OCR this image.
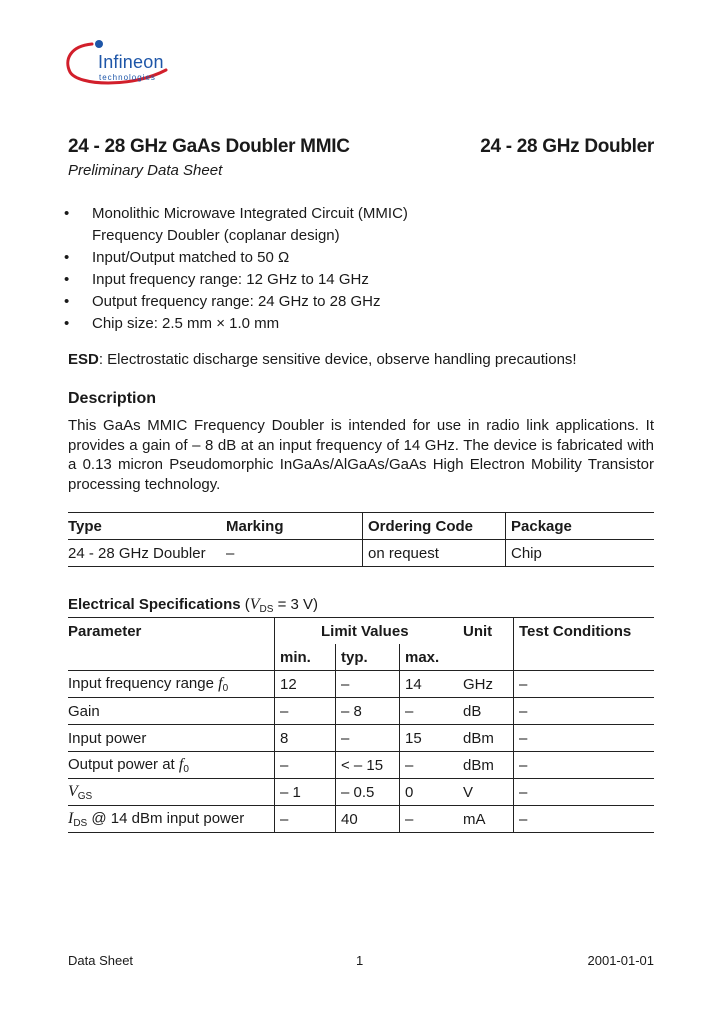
Infineon
technologies
24 - 28 GHz GaAs Doubler MMIC	24 - 28 GHz Doubler
Preliminary Data Sheet
• Monolithic Microwave Integrated Circuit (MMIC)
Frequency Doubler (coplanar design)
• Input/Output matched to 50 Ω
• Input frequency range: 12 GHz to 14 GHz
• Output frequency range: 24 GHz to 28 GHz
• Chip size: 2.5 mm × 1.0 mm
ESD: Electrostatic discharge sensitive device, observe handling precautions!
Description
This GaAs MMIC Frequency Doubler is intended for use in radio link applications. It provides a gain of – 8 dB at an input frequency of 14 GHz. The device is fabricated with a 0.13 micron Pseudomorphic InGaAs/AlGaAs/GaAs High Electron Mobility Transistor processing technology.
Type	Marking	Ordering Code	Package
24 - 28 GHz Doubler	–	on request	Chip
Electrical Specifications ($V_{DS} = 3$ V)
Parameter	Limit Values			Unit	Test Conditions
	min.	typ.	max.		
Input frequency range $f_0$	12	–	14	GHz	–
Gain	–	– 8	–	dB	–
Input power	8	–	15	dBm	–
Output power at $f_0$	–	< – 15	–	dBm	–
$V_{GS}$	– 1	– 0.5	0	V	–
$I_{DS}$ @ 14 dBm input power	–	40	–	mA	–
Data Sheet	1	2001-01-01
